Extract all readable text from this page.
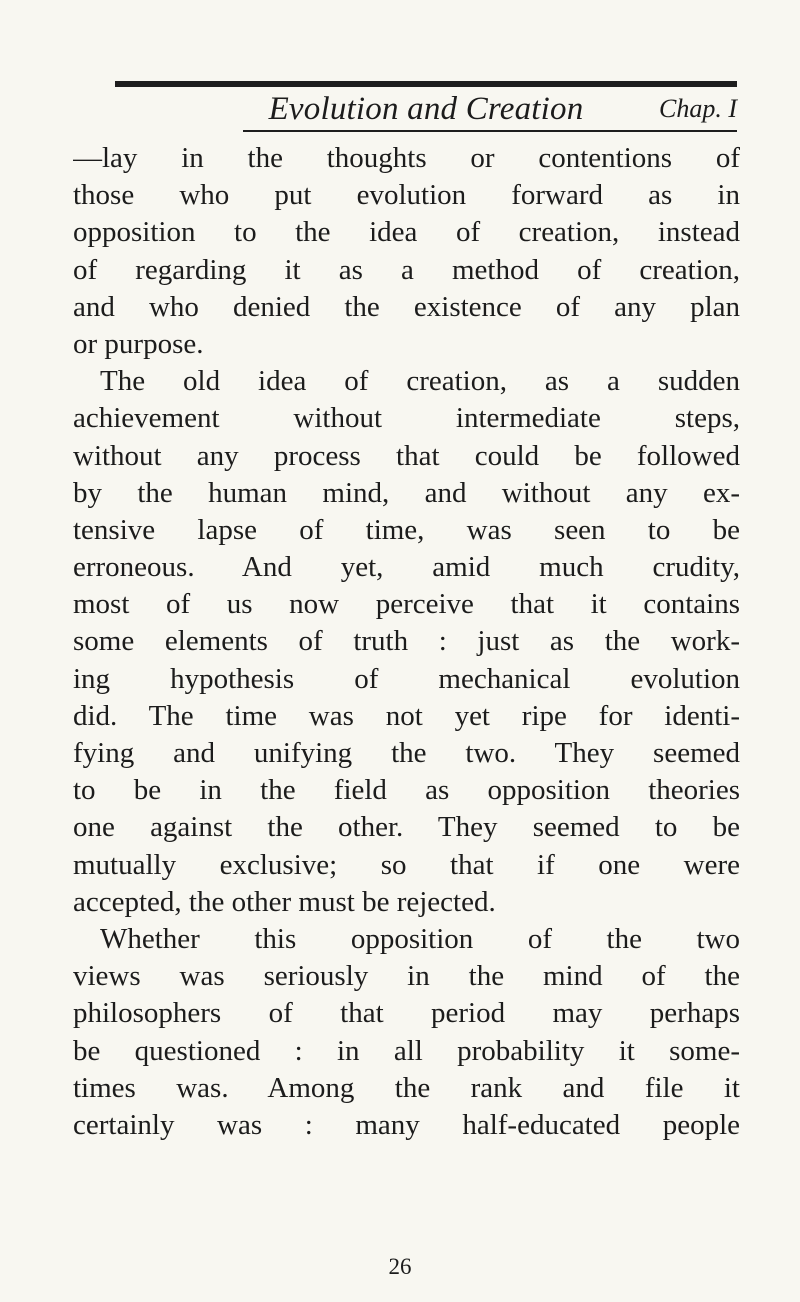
Evolution and Creation	Chap. I
—lay in the thoughts or contentions of
those who put evolution forward as in
opposition to the idea of creation, instead
of regarding it as a method of creation,
and who denied the existence of any plan
or purpose.
The old idea of creation, as a sudden
achievement without intermediate steps,
without any process that could be followed
by the human mind, and without any ex-
tensive lapse of time, was seen to be
erroneous. And yet, amid much crudity,
most of us now perceive that it contains
some elements of truth : just as the work-
ing hypothesis of mechanical evolution
did. The time was not yet ripe for identi-
fying and unifying the two. They seemed
to be in the field as opposition theories
one against the other. They seemed to be
mutually exclusive; so that if one were
accepted, the other must be rejected.
Whether this opposition of the two
views was seriously in the mind of the
philosophers of that period may perhaps
be questioned : in all probability it some-
times was. Among the rank and file it
certainly was : many half-educated people
26
